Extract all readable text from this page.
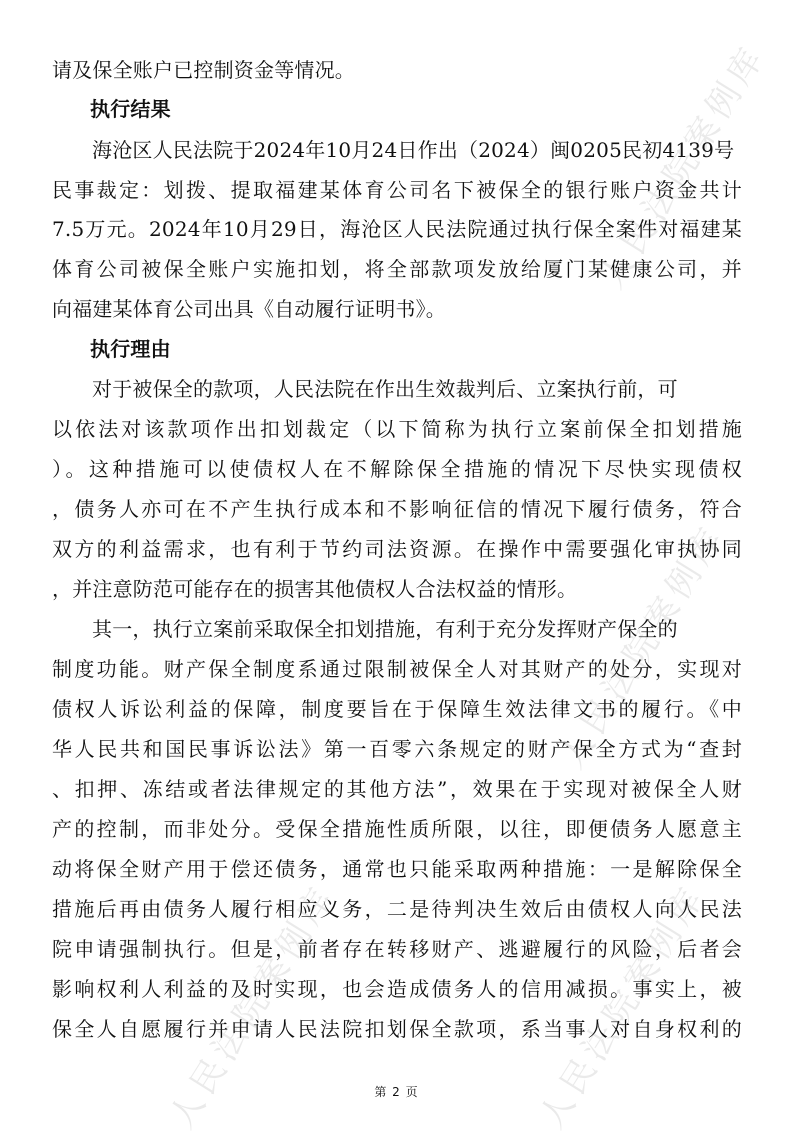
人民法院案例库
人民法院案例库
人民法院案例库	人民法院案例库
请及保全账户已控制资金等情况。
执行结果
海沧区人民法院于2024年10月24日作出（2024）闽0205民初4139号
民事裁定：划拨、提取福建某体育公司名下被保全的银行账户资金共计
7.5万元。2024年10月29日，海沧区人民法院通过执行保全案件对福建某
体育公司被保全账户实施扣划，将全部款项发放给厦门某健康公司，并
向福建某体育公司出具《自动履行证明书》。
执行理由
对于被保全的款项，人民法院在作出生效裁判后、立案执行前，可
以依法对该款项作出扣划裁定（以下简称为执行立案前保全扣划措施
）。这种措施可以使债权人在不解除保全措施的情况下尽快实现债权
，债务人亦可在不产生执行成本和不影响征信的情况下履行债务，符合
双方的利益需求，也有利于节约司法资源。在操作中需要强化审执协同
，并注意防范可能存在的损害其他债权人合法权益的情形。
其一，执行立案前采取保全扣划措施，有利于充分发挥财产保全的
制度功能。财产保全制度系通过限制被保全人对其财产的处分，实现对
债权人诉讼利益的保障，制度要旨在于保障生效法律文书的履行。《中
华人民共和国民事诉讼法》第一百零六条规定的财产保全方式为“查封
、扣押、冻结或者法律规定的其他方法”，效果在于实现对被保全人财
产的控制，而非处分。受保全措施性质所限，以往，即便债务人愿意主
动将保全财产用于偿还债务，通常也只能采取两种措施：一是解除保全
措施后再由债务人履行相应义务，二是待判决生效后由债权人向人民法
院申请强制执行。但是，前者存在转移财产、逃避履行的风险，后者会
影响权利人利益的及时实现，也会造成债务人的信用减损。事实上，被
保全人自愿履行并申请人民法院扣划保全款项，系当事人对自身权利的
第 2 页
